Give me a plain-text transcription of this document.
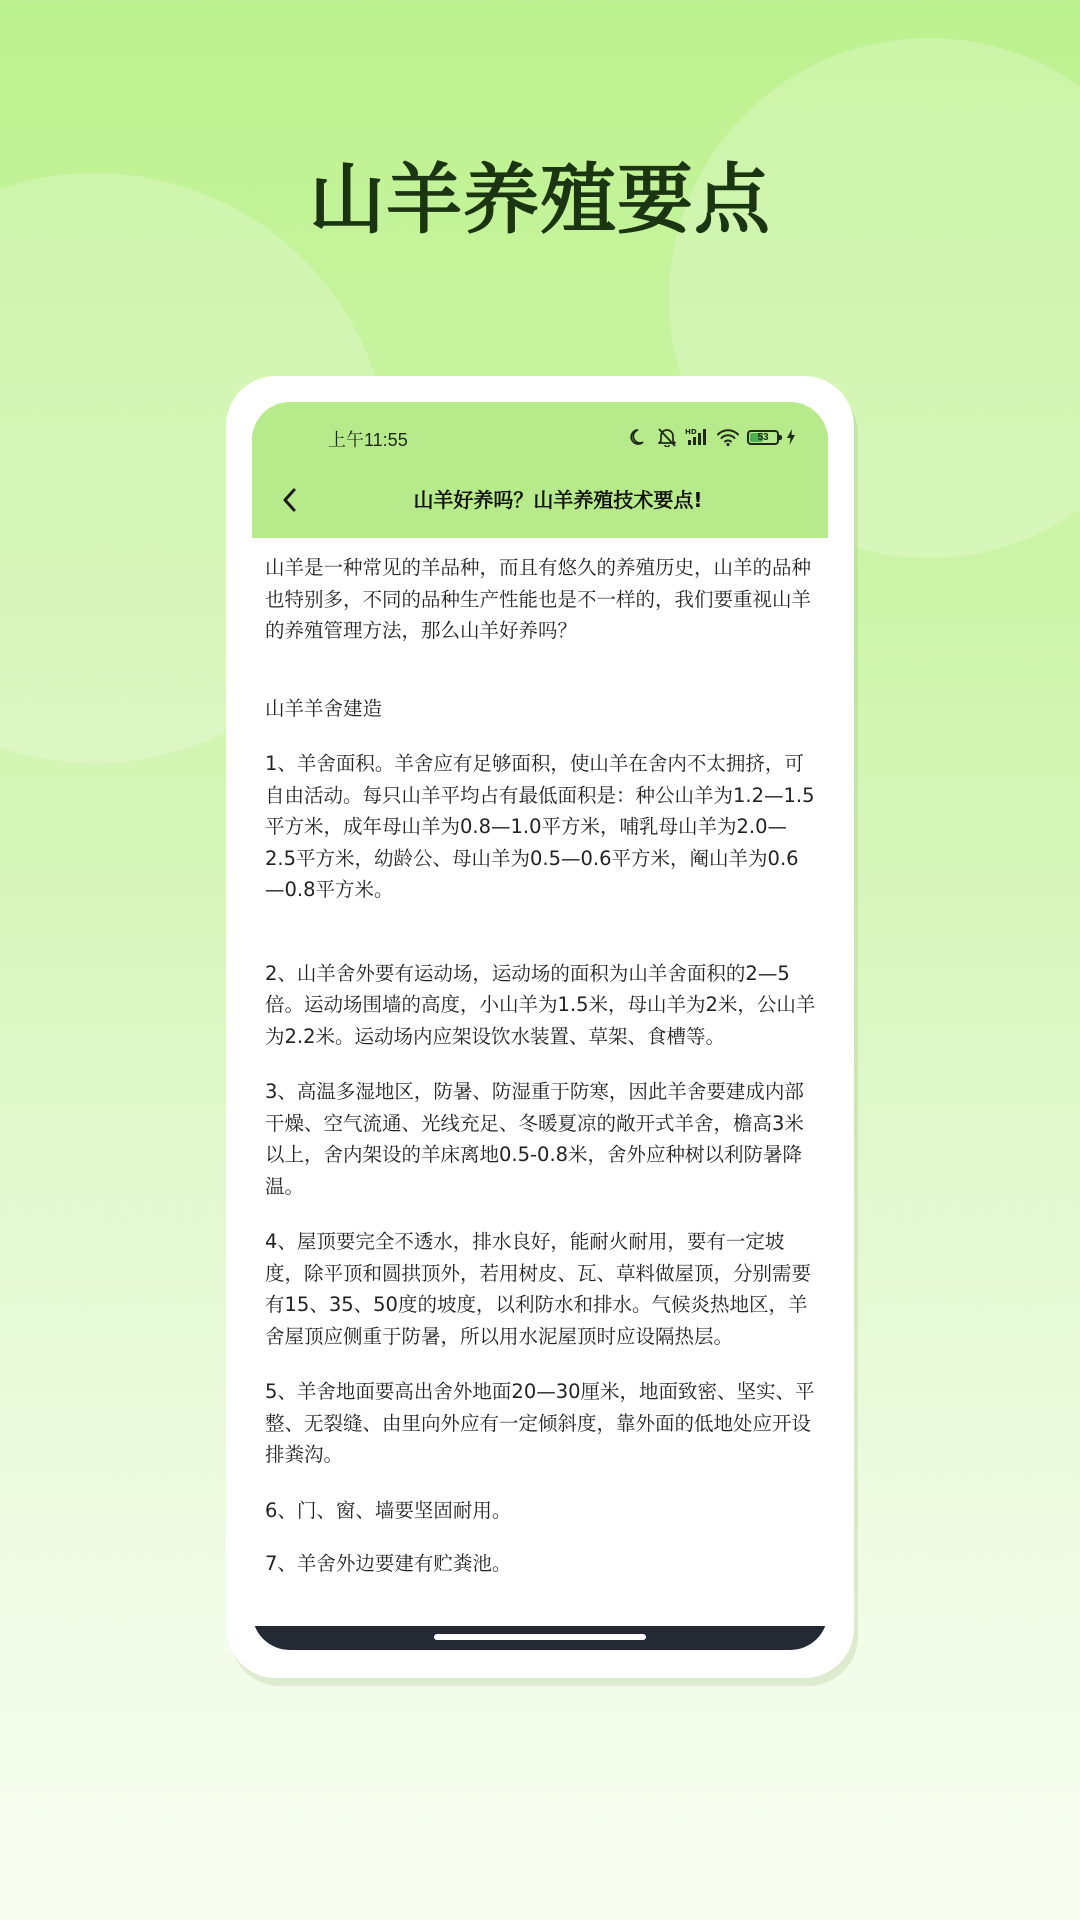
山羊养殖要点
上午11:55	HD	53
山羊好养吗？山羊养殖技术要点!

山羊是一种常见的羊品种，而且有悠久的养殖历史，山羊的品种也特别多，不同的品种生产性能也是不一样的，我们要重视山羊的养殖管理方法，那么山羊好养吗？

山羊羊舍建造

1、羊舍面积。羊舍应有足够面积，使山羊在舍内不太拥挤，可自由活动。每只山羊平均占有最低面积是：种公山羊为1.2—1.5平方米，成年母山羊为0.8—1.0平方米，哺乳母山羊为2.0—2.5平方米，幼龄公、母山羊为0.5—0.6平方米，阉山羊为0.6—0.8平方米。

2、山羊舍外要有运动场，运动场的面积为山羊舍面积的2—5倍。运动场围墙的高度，小山羊为1.5米，母山羊为2米，公山羊为2.2米。运动场内应架设饮水装置、草架、食槽等。

3、高温多湿地区，防暑、防湿重于防寒，因此羊舍要建成内部干燥、空气流通、光线充足、冬暖夏凉的敞开式羊舍，檐高3米以上，舍内架设的羊床离地0.5-0.8米，舍外应种树以利防暑降温。

4、屋顶要完全不透水，排水良好，能耐火耐用，要有一定坡度，除平顶和圆拱顶外，若用树皮、瓦、草料做屋顶，分别需要有15、35、50度的坡度，以利防水和排水。气候炎热地区，羊舍屋顶应侧重于防暑，所以用水泥屋顶时应设隔热层。

5、羊舍地面要高出舍外地面20—30厘米，地面致密、坚实、平整、无裂缝、由里向外应有一定倾斜度，靠外面的低地处应开设排粪沟。

6、门、窗、墙要坚固耐用。

7、羊舍外边要建有贮粪池。
